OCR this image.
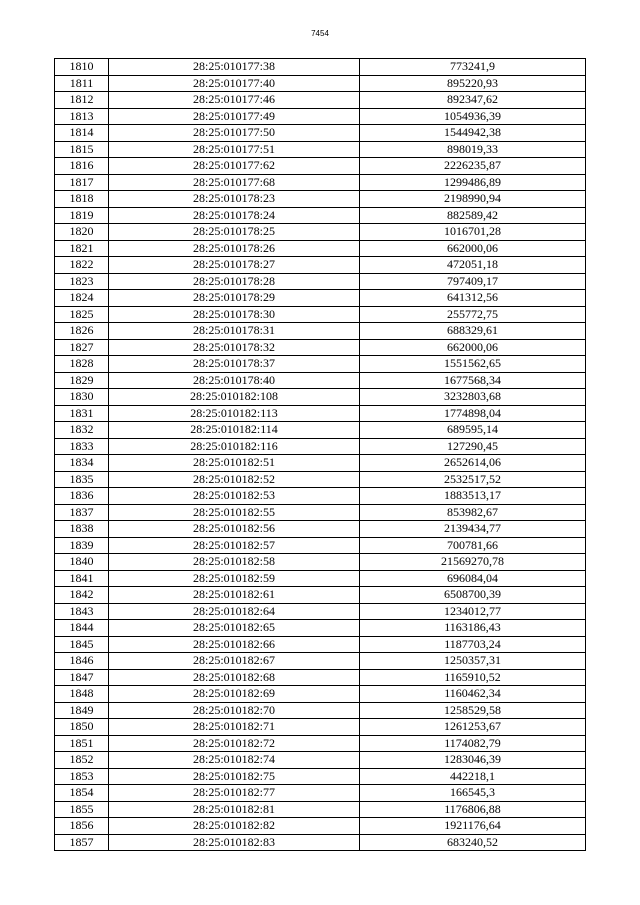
7454
1810	28:25:010177:38	773241,9
1811	28:25:010177:40	895220,93
1812	28:25:010177:46	892347,62
1813	28:25:010177:49	1054936,39
1814	28:25:010177:50	1544942,38
1815	28:25:010177:51	898019,33
1816	28:25:010177:62	2226235,87
1817	28:25:010177:68	1299486,89
1818	28:25:010178:23	2198990,94
1819	28:25:010178:24	882589,42
1820	28:25:010178:25	1016701,28
1821	28:25:010178:26	662000,06
1822	28:25:010178:27	472051,18
1823	28:25:010178:28	797409,17
1824	28:25:010178:29	641312,56
1825	28:25:010178:30	255772,75
1826	28:25:010178:31	688329,61
1827	28:25:010178:32	662000,06
1828	28:25:010178:37	1551562,65
1829	28:25:010178:40	1677568,34
1830	28:25:010182:108	3232803,68
1831	28:25:010182:113	1774898,04
1832	28:25:010182:114	689595,14
1833	28:25:010182:116	127290,45
1834	28:25:010182:51	2652614,06
1835	28:25:010182:52	2532517,52
1836	28:25:010182:53	1883513,17
1837	28:25:010182:55	853982,67
1838	28:25:010182:56	2139434,77
1839	28:25:010182:57	700781,66
1840	28:25:010182:58	21569270,78
1841	28:25:010182:59	696084,04
1842	28:25:010182:61	6508700,39
1843	28:25:010182:64	1234012,77
1844	28:25:010182:65	1163186,43
1845	28:25:010182:66	1187703,24
1846	28:25:010182:67	1250357,31
1847	28:25:010182:68	1165910,52
1848	28:25:010182:69	1160462,34
1849	28:25:010182:70	1258529,58
1850	28:25:010182:71	1261253,67
1851	28:25:010182:72	1174082,79
1852	28:25:010182:74	1283046,39
1853	28:25:010182:75	442218,1
1854	28:25:010182:77	166545,3
1855	28:25:010182:81	1176806,88
1856	28:25:010182:82	1921176,64
1857	28:25:010182:83	683240,52
